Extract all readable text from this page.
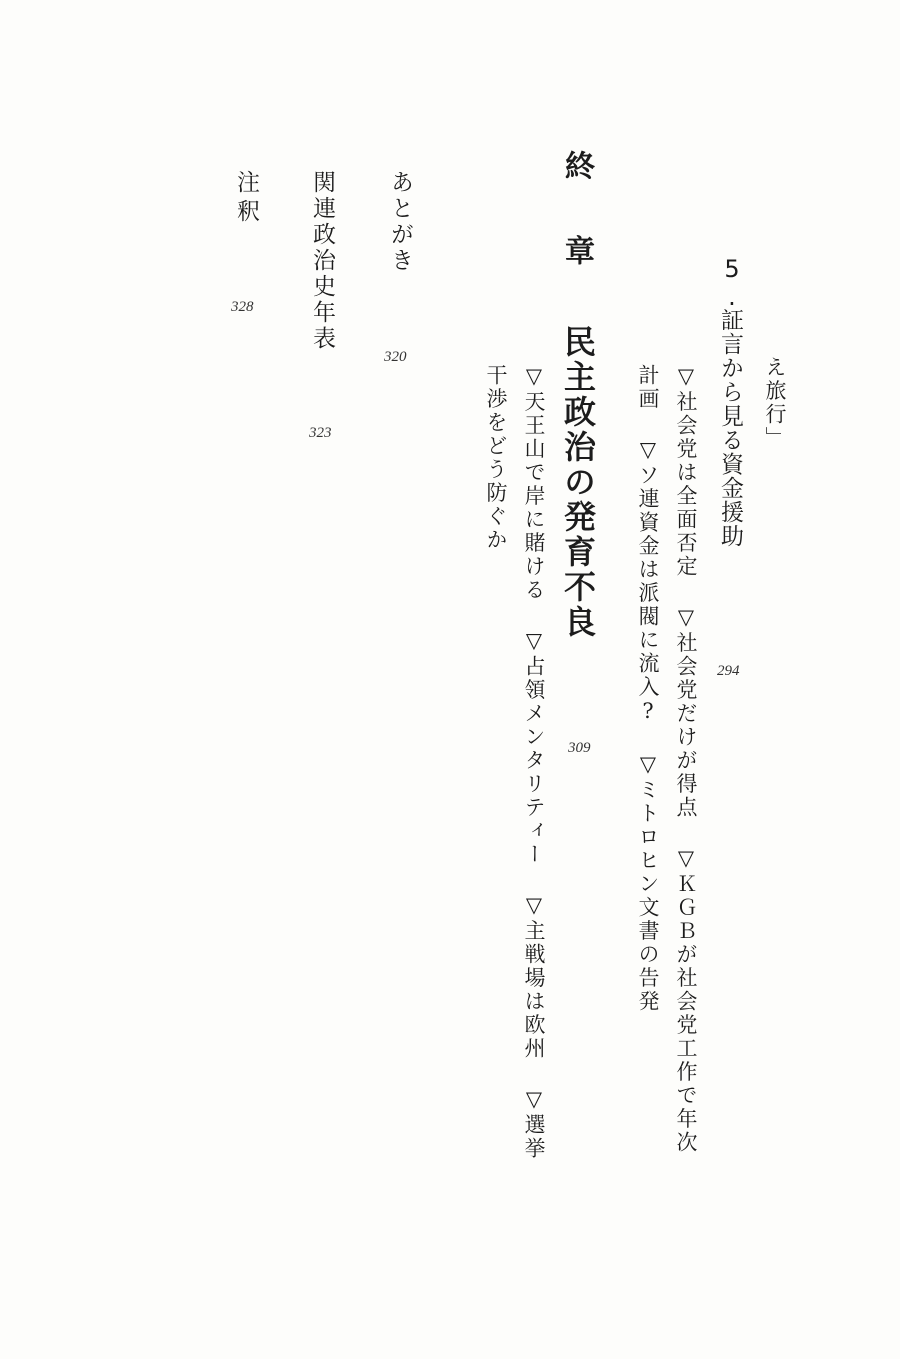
え旅行」
5.
証言から見る資金援助
294
▽社会党は全面否定 ▽社会党だけが得点 ▽ＫＧＢが社会党工作で年次
計画 ▽ソ連資金は派閥に流入? ▽ミトロヒン文書の告発
終 章
民主政治の発育不良
309
▽天王山で岸に賭ける ▽占領メンタリティー ▽主戦場は欧州 ▽選挙
干渉をどう防ぐか
あとがき
320
関連政治史年表
323
注釈
328
